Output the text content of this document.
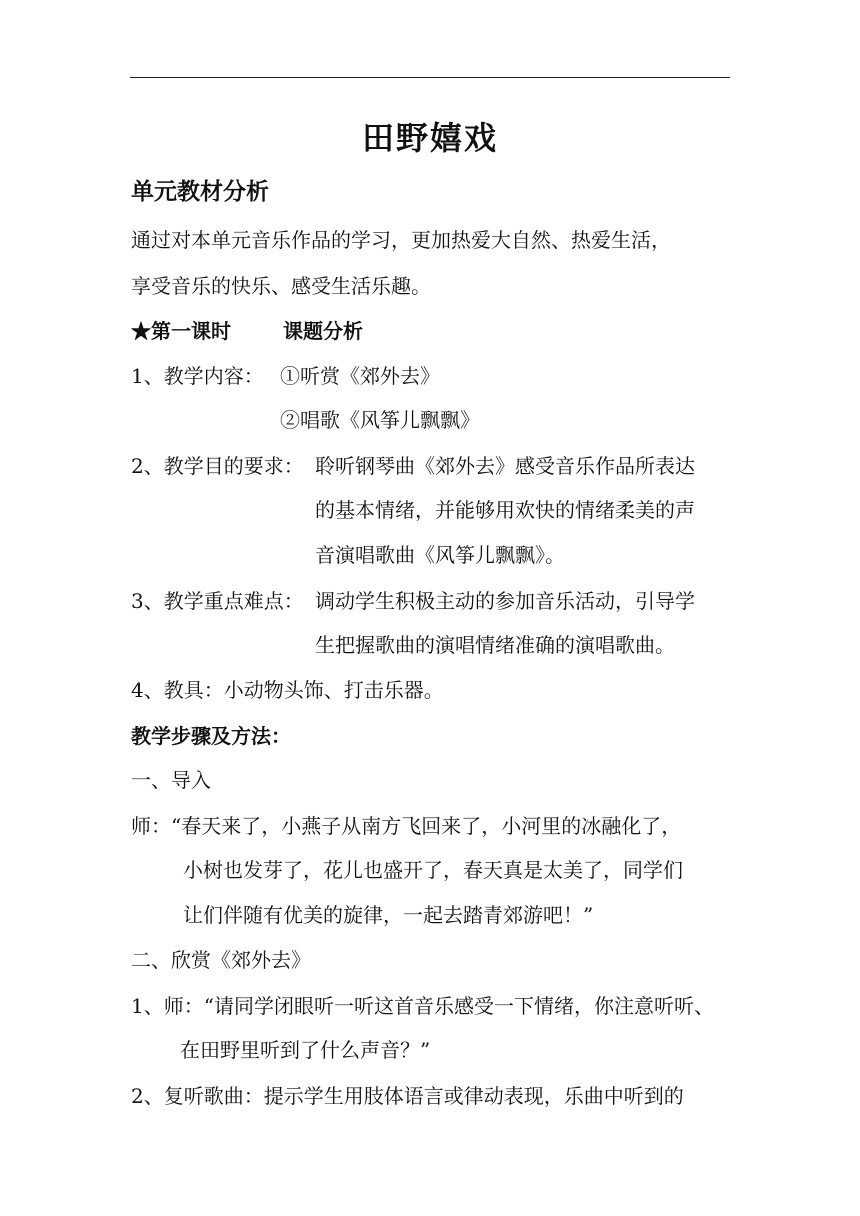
田野嬉戏
单元教材分析
通过对本单元音乐作品的学习，更加热爱大自然、热爱生活，
享受音乐的快乐、感受生活乐趣。
★第一课时	课题分析
1、教学内容： ①听赏《郊外去》
②唱歌《风筝儿飘飘》
2、教学目的要求： 聆听钢琴曲《郊外去》感受音乐作品所表达
的基本情绪，并能够用欢快的情绪柔美的声
音演唱歌曲《风筝儿飘飘》。
3、教学重点难点： 调动学生积极主动的参加音乐活动，引导学
生把握歌曲的演唱情绪准确的演唱歌曲。
4、教具：小动物头饰、打击乐器。
教学步骤及方法：
一、导入
师：“春天来了，小燕子从南方飞回来了，小河里的冰融化了，
小树也发芽了，花儿也盛开了，春天真是太美了，同学们
让们伴随有优美的旋律，一起去踏青郊游吧！”
二、欣赏《郊外去》
1、师：“请同学闭眼听一听这首音乐感受一下情绪，你注意听听、
在田野里听到了什么声音？”
2、复听歌曲：提示学生用肢体语言或律动表现，乐曲中听到的
